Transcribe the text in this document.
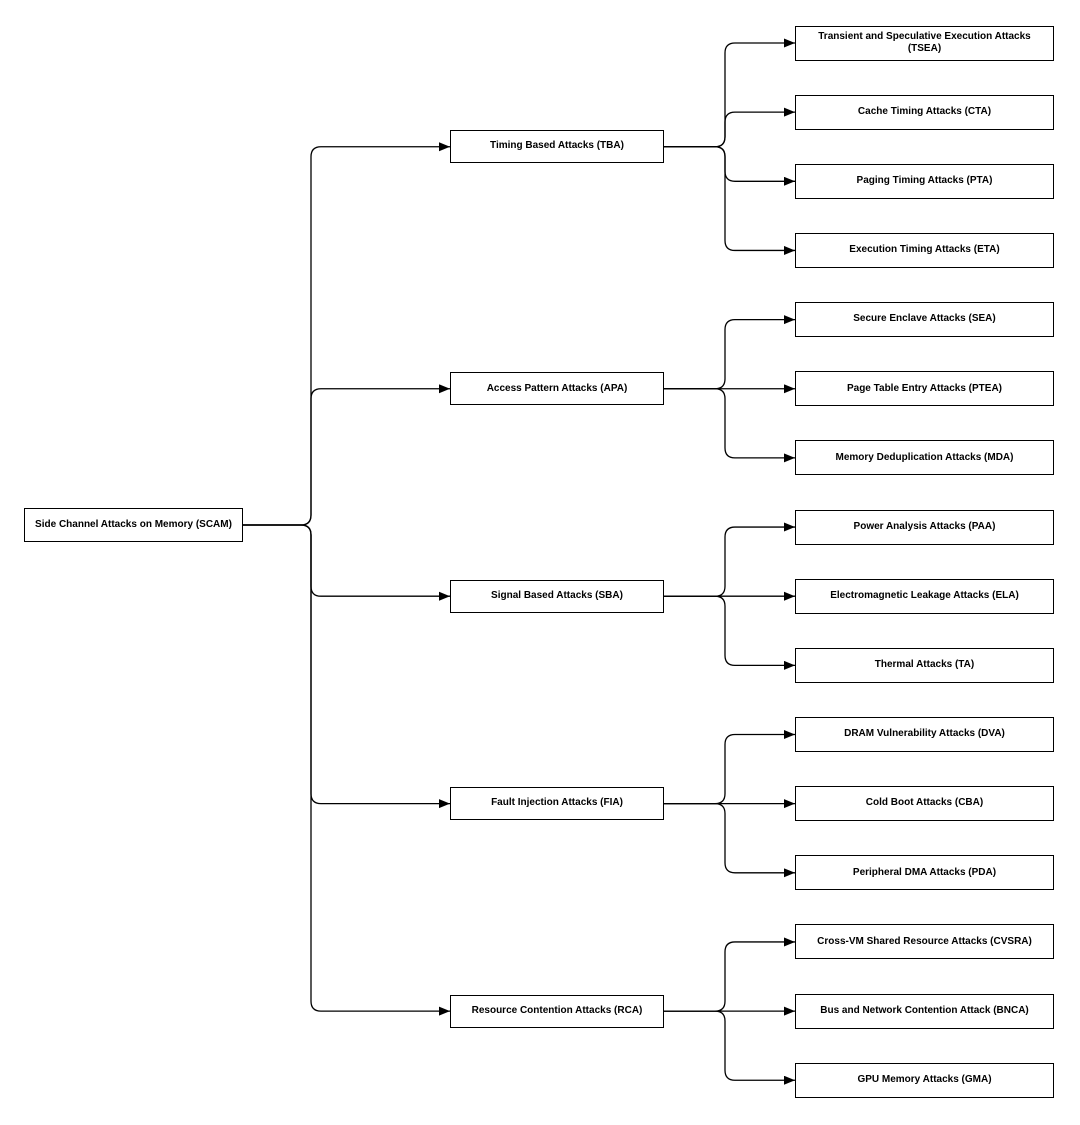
Side Channel Attacks on Memory (SCAM)
Timing Based Attacks (TBA)
Transient and Speculative Execution Attacks
(TSEA)
Cache Timing Attacks (CTA)
Paging Timing Attacks (PTA)
Execution Timing Attacks (ETA)
Access Pattern Attacks (APA)
Secure Enclave Attacks (SEA)
Page Table Entry Attacks (PTEA)
Memory Deduplication Attacks (MDA)
Signal Based Attacks (SBA)
Power Analysis Attacks (PAA)
Electromagnetic Leakage Attacks (ELA)
Thermal Attacks (TA)
Fault Injection Attacks (FIA)
DRAM Vulnerability Attacks (DVA)
Cold Boot Attacks (CBA)
Peripheral DMA Attacks (PDA)
Resource Contention Attacks (RCA)
Cross-VM Shared Resource Attacks (CVSRA)
Bus and Network Contention Attack (BNCA)
GPU Memory Attacks (GMA)
